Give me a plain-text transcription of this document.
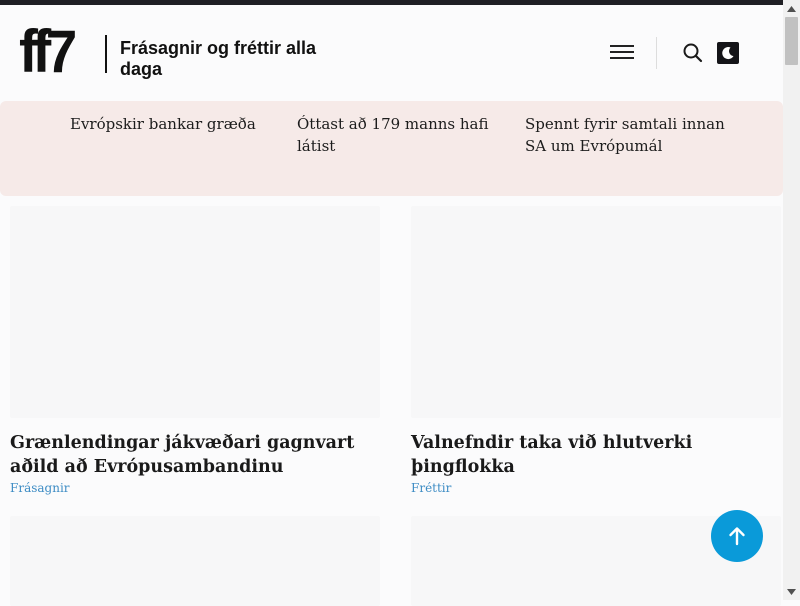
ff7	Frásagnir og fréttir alla daga
Evrópskir bankar græða	Óttast að 179 manns hafi látist
Spennt fyrir samtali innan SA um Evrópumál
Grænlendingar jákvæðari gagnvart aðild að Evrópusambandinu
Frásagnir
Valnefndir taka við hlutverki þingflokka
Fréttir
